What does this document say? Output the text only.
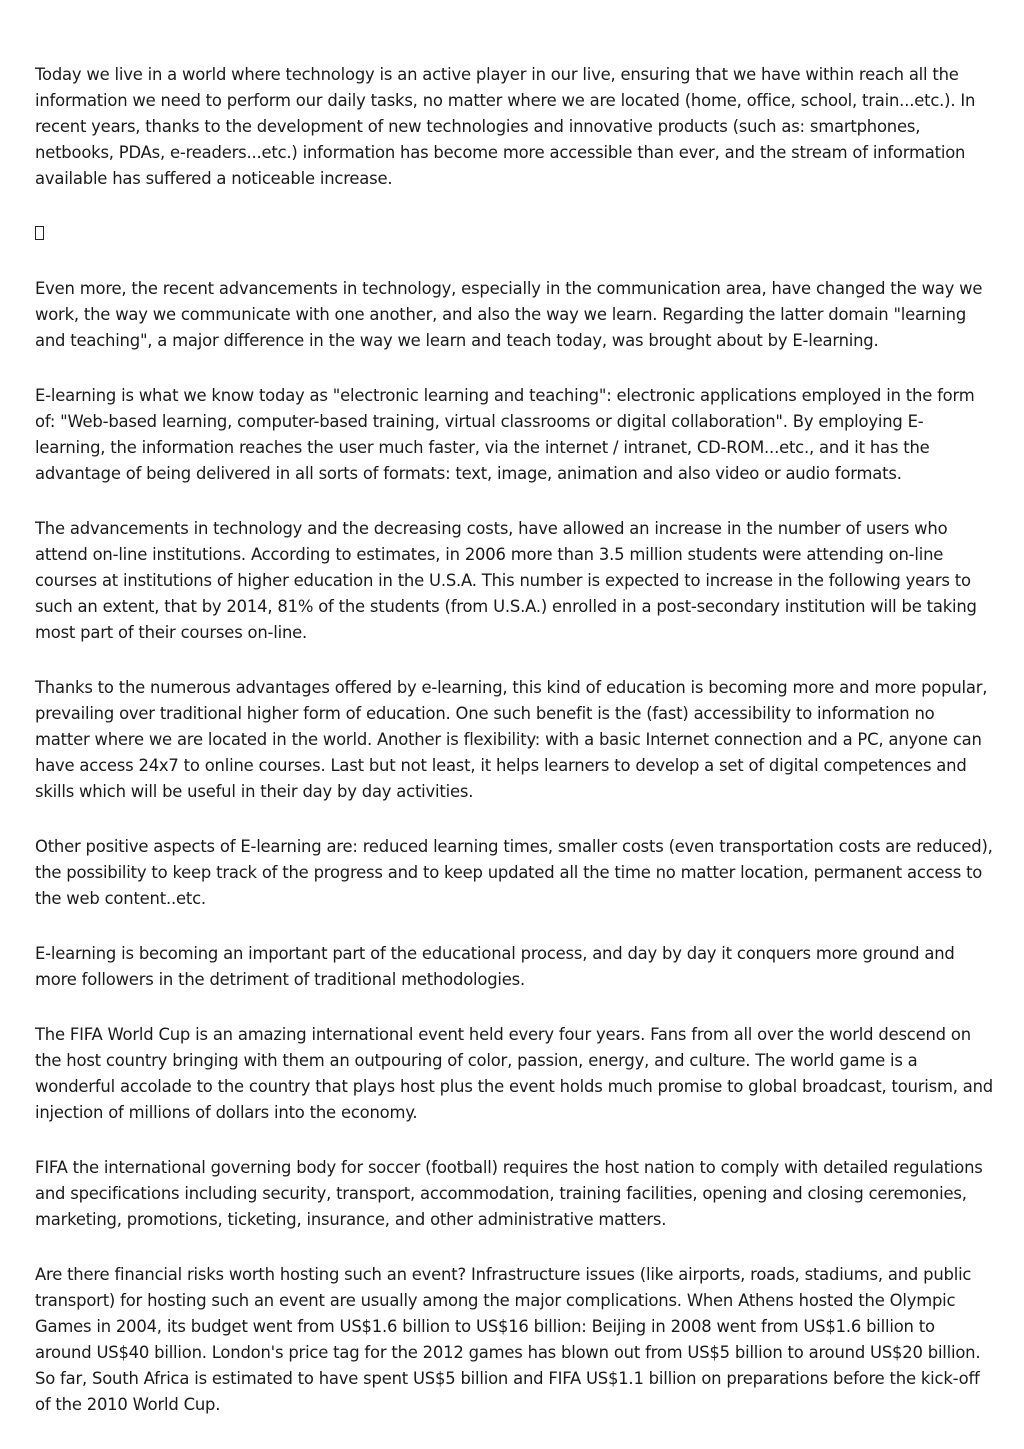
Today we live in a world where technology is an active player in our live, ensuring that we have within reach all the information we need to perform our daily tasks, no matter where we are located (home, office, school, train...etc.). In recent years, thanks to the development of new technologies and innovative products (such as: smartphones, netbooks, PDAs, e-readers...etc.) information has become more accessible than ever, and the stream of information available has suffered a noticeable increase.

Even more, the recent advancements in technology, especially in the communication area, have changed the way we work, the way we communicate with one another, and also the way we learn. Regarding the latter domain "learning and teaching", a major difference in the way we learn and teach today, was brought about by E-learning.

E-learning is what we know today as "electronic learning and teaching": electronic applications employed in the form of: "Web-based learning, computer-based training, virtual classrooms or digital collaboration". By employing E-learning, the information reaches the user much faster, via the internet / intranet, CD-ROM...etc., and it has the advantage of being delivered in all sorts of formats: text, image, animation and also video or audio formats.

The advancements in technology and the decreasing costs, have allowed an increase in the number of users who attend on-line institutions. According to estimates, in 2006 more than 3.5 million students were attending on-line courses at institutions of higher education in the U.S.A. This number is expected to increase in the following years to such an extent, that by 2014, 81% of the students (from U.S.A.) enrolled in a post-secondary institution will be taking most part of their courses on-line.

Thanks to the numerous advantages offered by e-learning, this kind of education is becoming more and more popular, prevailing over traditional higher form of education. One such benefit is the (fast) accessibility to information no matter where we are located in the world. Another is flexibility: with a basic Internet connection and a PC, anyone can have access 24x7 to online courses. Last but not least, it helps learners to develop a set of digital competences and skills which will be useful in their day by day activities.

Other positive aspects of E-learning are: reduced learning times, smaller costs (even transportation costs are reduced), the possibility to keep track of the progress and to keep updated all the time no matter location, permanent access to the web content..etc.

E-learning is becoming an important part of the educational process, and day by day it conquers more ground and more followers in the detriment of traditional methodologies.

The FIFA World Cup is an amazing international event held every four years. Fans from all over the world descend on the host country bringing with them an outpouring of color, passion, energy, and culture. The world game is a wonderful accolade to the country that plays host plus the event holds much promise to global broadcast, tourism, and injection of millions of dollars into the economy.

FIFA the international governing body for soccer (football) requires the host nation to comply with detailed regulations and specifications including security, transport, accommodation, training facilities, opening and closing ceremonies, marketing, promotions, ticketing, insurance, and other administrative matters.

Are there financial risks worth hosting such an event? Infrastructure issues (like airports, roads, stadiums, and public transport) for hosting such an event are usually among the major complications. When Athens hosted the Olympic Games in 2004, its budget went from US$1.6 billion to US$16 billion: Beijing in 2008 went from US$1.6 billion to around US$40 billion. London's price tag for the 2012 games has blown out from US$5 billion to around US$20 billion. So far, South Africa is estimated to have spent US$5 billion and FIFA US$1.1 billion on preparations before the kick-off of the 2010 World Cup.
